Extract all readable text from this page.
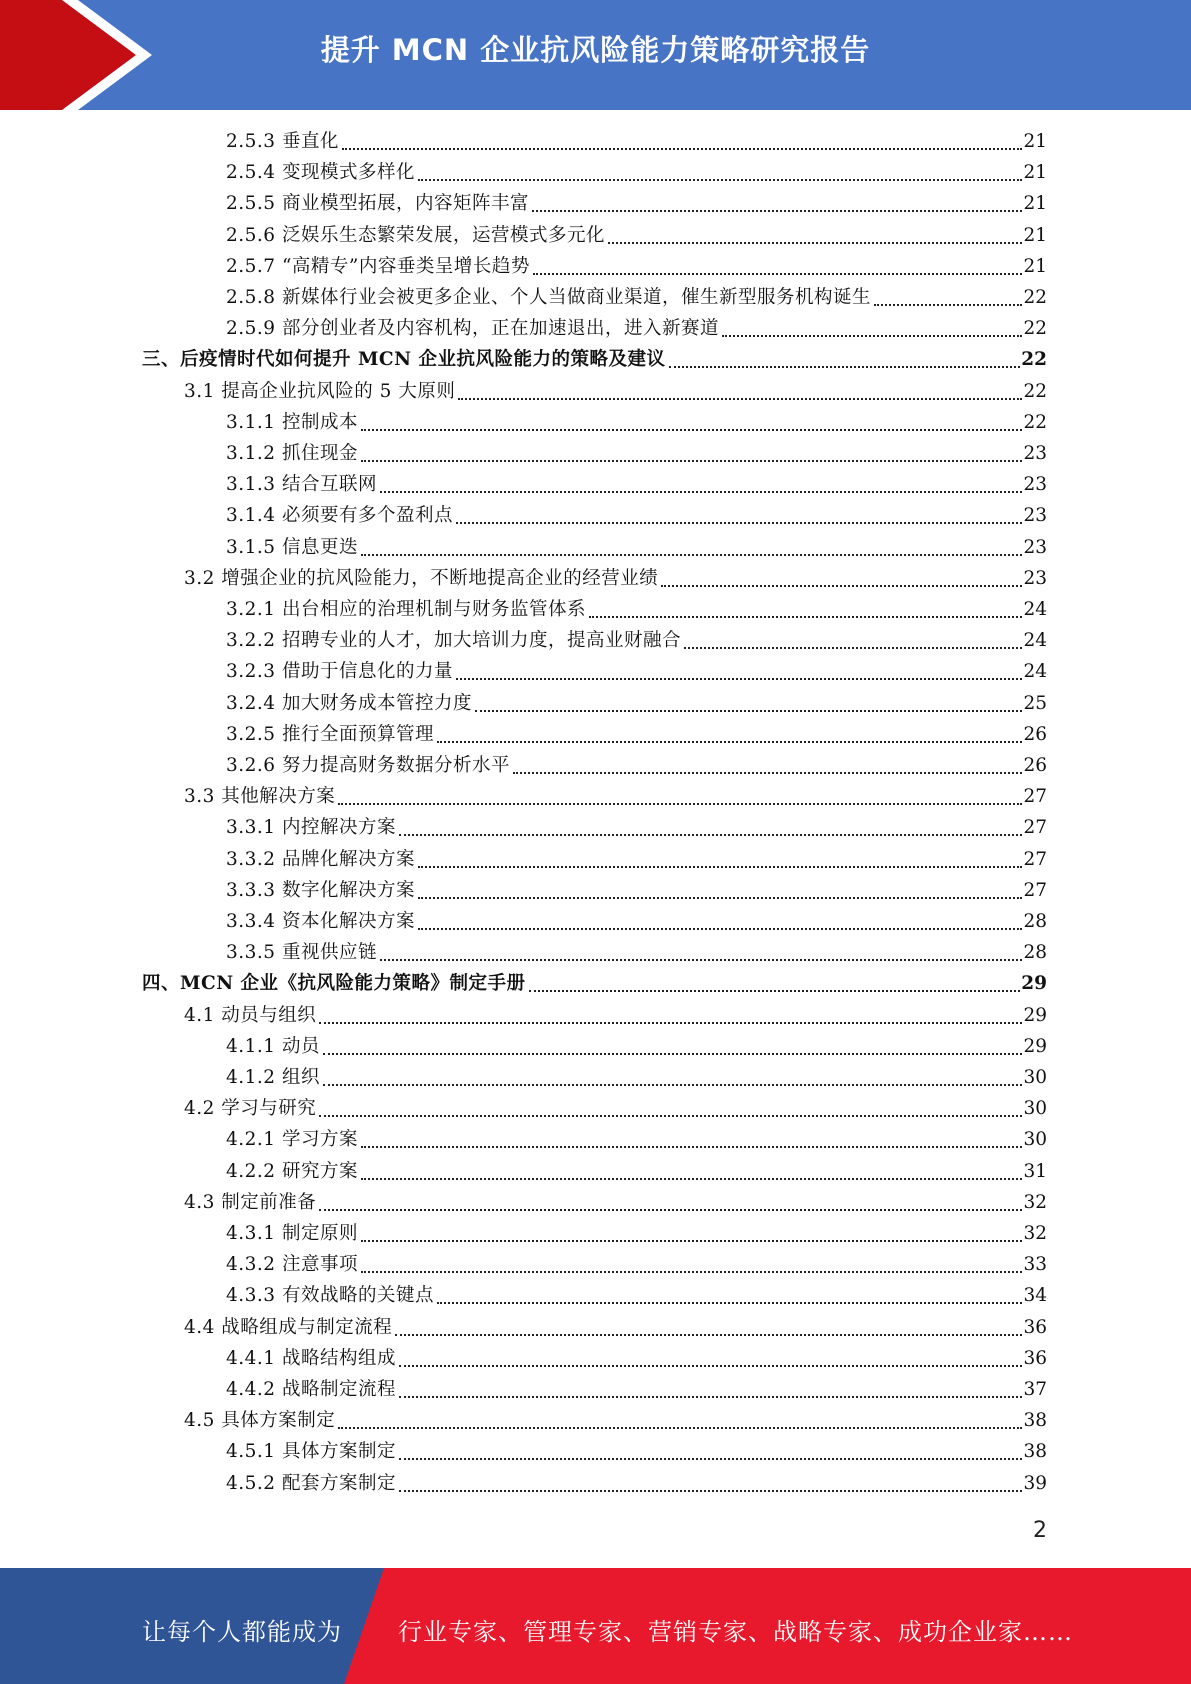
提升 MCN 企业抗风险能力策略研究报告
2.5.3 垂直化	21
2.5.4 变现模式多样化	21
2.5.5 商业模型拓展，内容矩阵丰富	21
2.5.6 泛娱乐生态繁荣发展，运营模式多元化	21
2.5.7 “高精专”内容垂类呈增长趋势	21
2.5.8 新媒体行业会被更多企业、个人当做商业渠道，催生新型服务机构诞生	22
2.5.9 部分创业者及内容机构，正在加速退出，进入新赛道	22
三、后疫情时代如何提升 MCN 企业抗风险能力的策略及建议	22
3.1 提高企业抗风险的 5 大原则	22
3.1.1 控制成本	22
3.1.2 抓住现金	23
3.1.3 结合互联网	23
3.1.4 必须要有多个盈利点	23
3.1.5 信息更迭	23
3.2 增强企业的抗风险能力，不断地提高企业的经营业绩	23
3.2.1 出台相应的治理机制与财务监管体系	24
3.2.2 招聘专业的人才，加大培训力度，提高业财融合	24
3.2.3 借助于信息化的力量	24
3.2.4 加大财务成本管控力度	25
3.2.5 推行全面预算管理	26
3.2.6 努力提高财务数据分析水平	26
3.3 其他解决方案	27
3.3.1 内控解决方案	27
3.3.2 品牌化解决方案	27
3.3.3 数字化解决方案	27
3.3.4 资本化解决方案	28
3.3.5 重视供应链	28
四、MCN 企业《抗风险能力策略》制定手册	29
4.1 动员与组织	29
4.1.1 动员	29
4.1.2 组织	30
4.2 学习与研究	30
4.2.1 学习方案	30
4.2.2 研究方案	31
4.3 制定前准备	32
4.3.1 制定原则	32
4.3.2 注意事项	33
4.3.3 有效战略的关键点	34
4.4 战略组成与制定流程	36
4.4.1 战略结构组成	36
4.4.2 战略制定流程	37
4.5 具体方案制定	38
4.5.1 具体方案制定	38
4.5.2 配套方案制定	39
2
让每个人都能成为 行业专家、管理专家、营销专家、战略专家、成功企业家……
